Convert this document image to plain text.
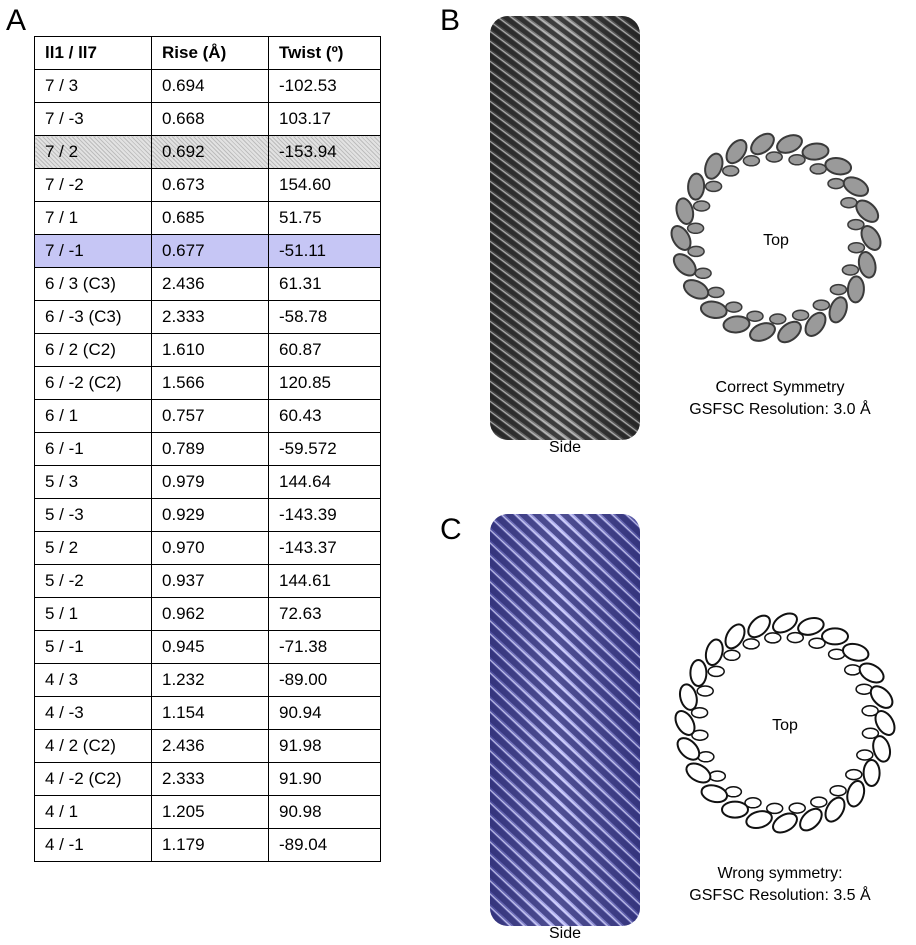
A	B
C
ll1 / ll7	Rise (Å)	Twist (º)
7 / 3	0.694	-102.53
7 / -3	0.668	103.17
7 / 2	0.692	-153.94
7 / -2	0.673	154.60
7 / 1	0.685	51.75
7 / -1	0.677	-51.11
6 / 3 (C3)	2.436	61.31
6 / -3 (C3)	2.333	-58.78
6 / 2 (C2)	1.610	60.87
6 / -2 (C2)	1.566	120.85
6 / 1	0.757	60.43
6 / -1	0.789	-59.572
5 / 3	0.979	144.64
5 / -3	0.929	-143.39
5 / 2	0.970	-143.37
5 / -2	0.937	144.61
5 / 1	0.962	72.63
5 / -1	0.945	-71.38
4 / 3	1.232	-89.00
4 / -3	1.154	90.94
4 / 2 (C2)	2.436	91.98
4 / -2 (C2)	2.333	91.90
4 / 1	1.205	90.98
4 / -1	1.179	-89.04
Side
Top
Correct Symmetry
GSFSC Resolution: 3.0 Å
Side
Top
Wrong symmetry:
GSFSC Resolution: 3.5 Å
